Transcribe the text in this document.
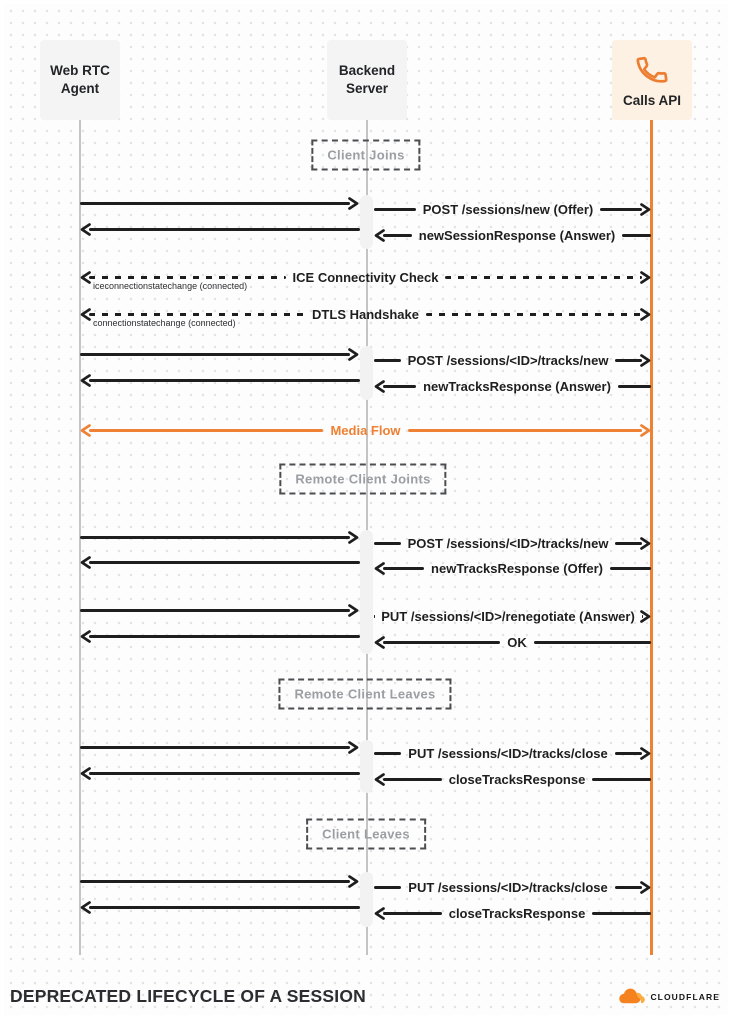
Web RTC Agent
Backend Server
Calls API
DEPRECATED LIFECYCLE OF A SESSION	CLOUDFLARE
Client Joins
Remote Client Joints
Remote Client Leaves
Client Leaves
POST /sessions/new (Offer)
newSessionResponse (Answer)
ICE Connectivity Check
iceconnectionstatechange (connected)
DTLS Handshake
connectionstatechange (connected)
POST /sessions/<ID>/tracks/new
newTracksResponse (Answer)
Media Flow
POST /sessions/<ID>/tracks/new
newTracksResponse (Offer)
PUT /sessions/<ID>/renegotiate (Answer)
OK
PUT /sessions/<ID>/tracks/close
closeTracksResponse
PUT /sessions/<ID>/tracks/close
closeTracksResponse
